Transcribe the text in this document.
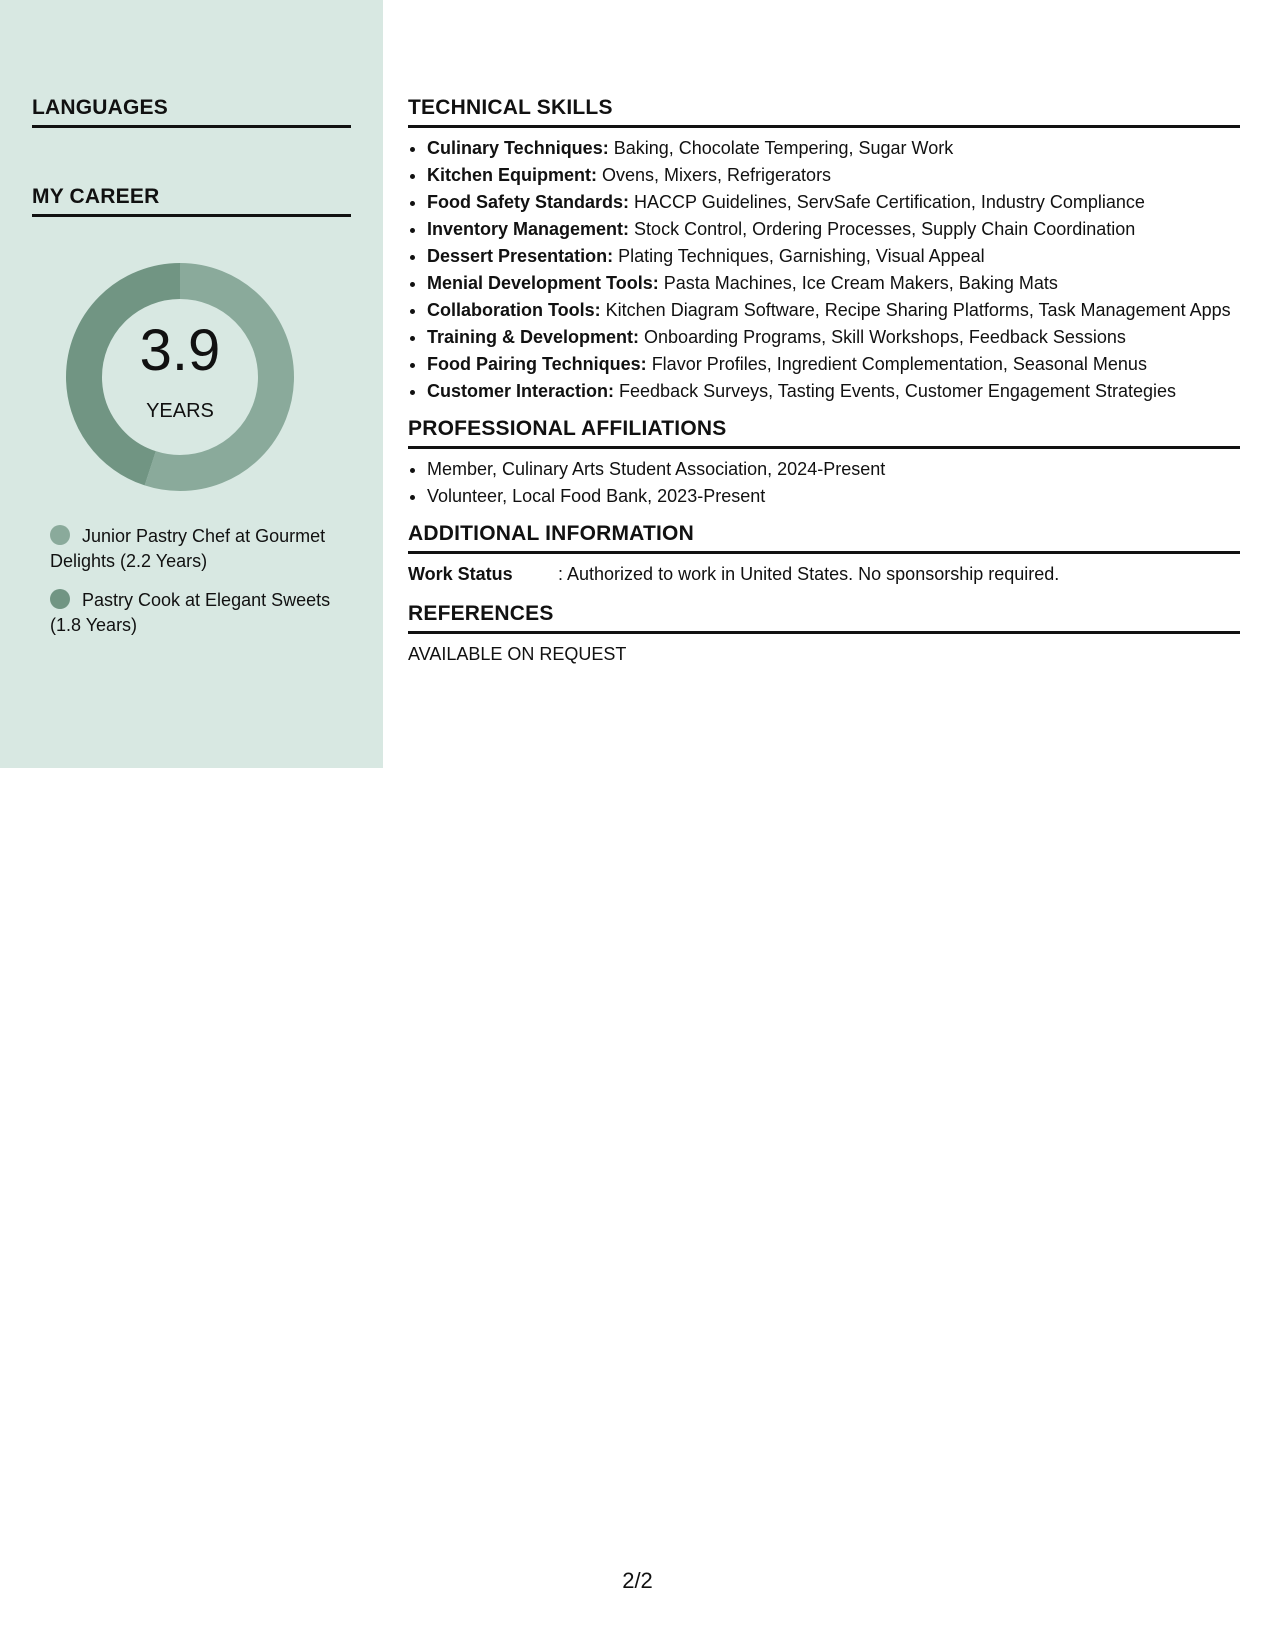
LANGUAGES
MY CAREER
3.9
YEARS
Junior Pastry Chef at Gourmet Delights (2.2 Years)
Pastry Cook at Elegant Sweets (1.8 Years)
TECHNICAL SKILLS
• Culinary Techniques: Baking, Chocolate Tempering, Sugar Work
• Kitchen Equipment: Ovens, Mixers, Refrigerators
• Food Safety Standards: HACCP Guidelines, ServSafe Certification, Industry Compliance
• Inventory Management: Stock Control, Ordering Processes, Supply Chain Coordination
• Dessert Presentation: Plating Techniques, Garnishing, Visual Appeal
• Menial Development Tools: Pasta Machines, Ice Cream Makers, Baking Mats
• Collaboration Tools: Kitchen Diagram Software, Recipe Sharing Platforms, Task Management Apps
• Training & Development: Onboarding Programs, Skill Workshops, Feedback Sessions
• Food Pairing Techniques: Flavor Profiles, Ingredient Complementation, Seasonal Menus
• Customer Interaction: Feedback Surveys, Tasting Events, Customer Engagement Strategies
PROFESSIONAL AFFILIATIONS
• Member, Culinary Arts Student Association, 2024-Present
• Volunteer, Local Food Bank, 2023-Present
ADDITIONAL INFORMATION
Work Status	: Authorized to work in United States. No sponsorship required.
REFERENCES
AVAILABLE ON REQUEST
2/2
